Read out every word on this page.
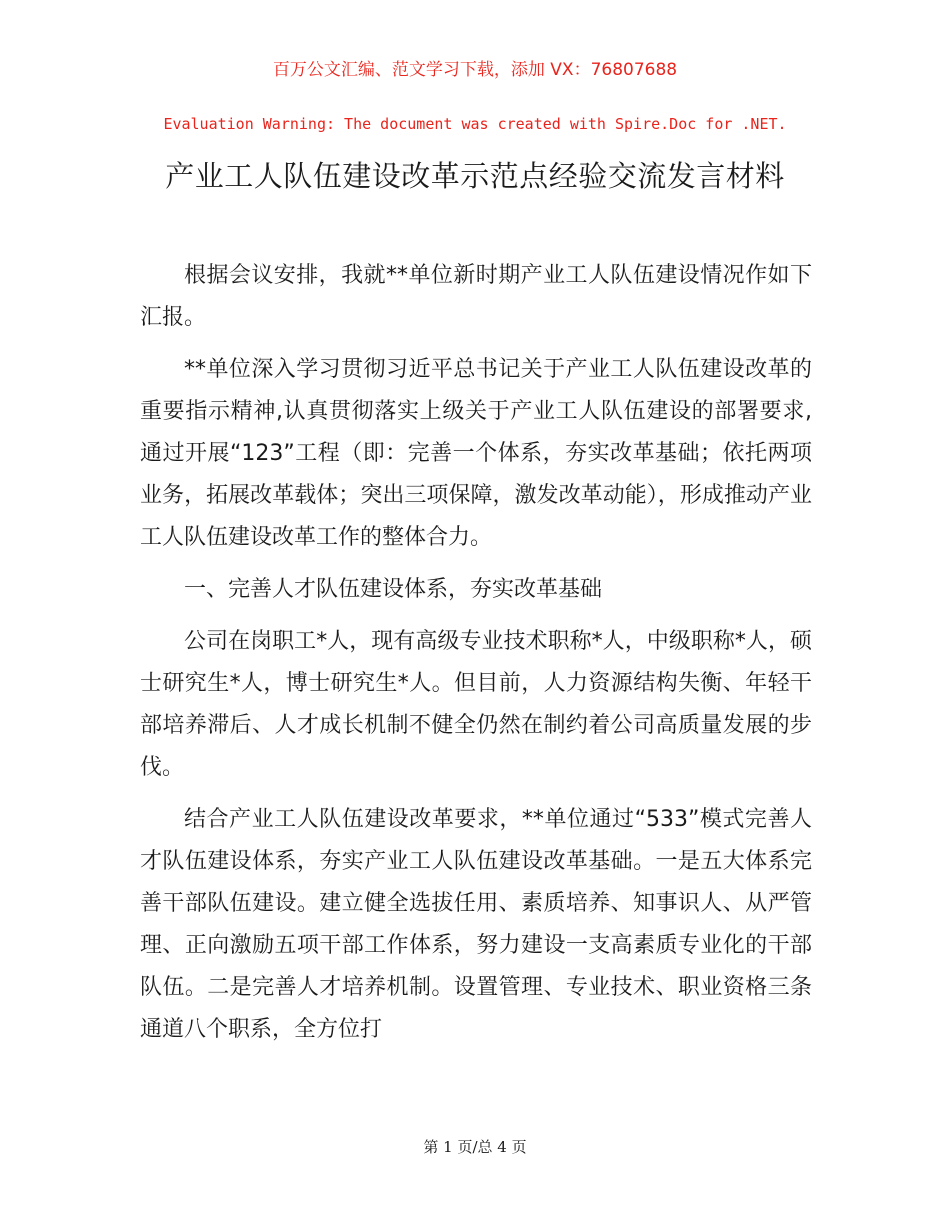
百万公文汇编、范文学习下载，添加 VX：76807688
Evaluation Warning: The document was created with Spire.Doc for .NET.
产业工人队伍建设改革示范点经验交流发言材料

根据会议安排，我就**单位新时期产业工人队伍建设情况作如下汇报。

**单位深入学习贯彻习近平总书记关于产业工人队伍建设改革的重要指示精神,认真贯彻落实上级关于产业工人队伍建设的部署要求,通过开展“123”工程（即：完善一个体系，夯实改革基础；依托两项业务，拓展改革载体；突出三项保障，激发改革动能），形成推动产业工人队伍建设改革工作的整体合力。

一、完善人才队伍建设体系，夯实改革基础

公司在岗职工*人，现有高级专业技术职称*人，中级职称*人，硕士研究生*人，博士研究生*人。但目前，人力资源结构失衡、年轻干部培养滞后、人才成长机制不健全仍然在制约着公司高质量发展的步伐。

结合产业工人队伍建设改革要求，**单位通过“533”模式完善人才队伍建设体系，夯实产业工人队伍建设改革基础。一是五大体系完善干部队伍建设。建立健全选拔任用、素质培养、知事识人、从严管理、正向激励五项干部工作体系，努力建设一支高素质专业化的干部队伍。二是完善人才培养机制。设置管理、专业技术、职业资格三条通道八个职系，全方位打

第 1 页/总 4 页
